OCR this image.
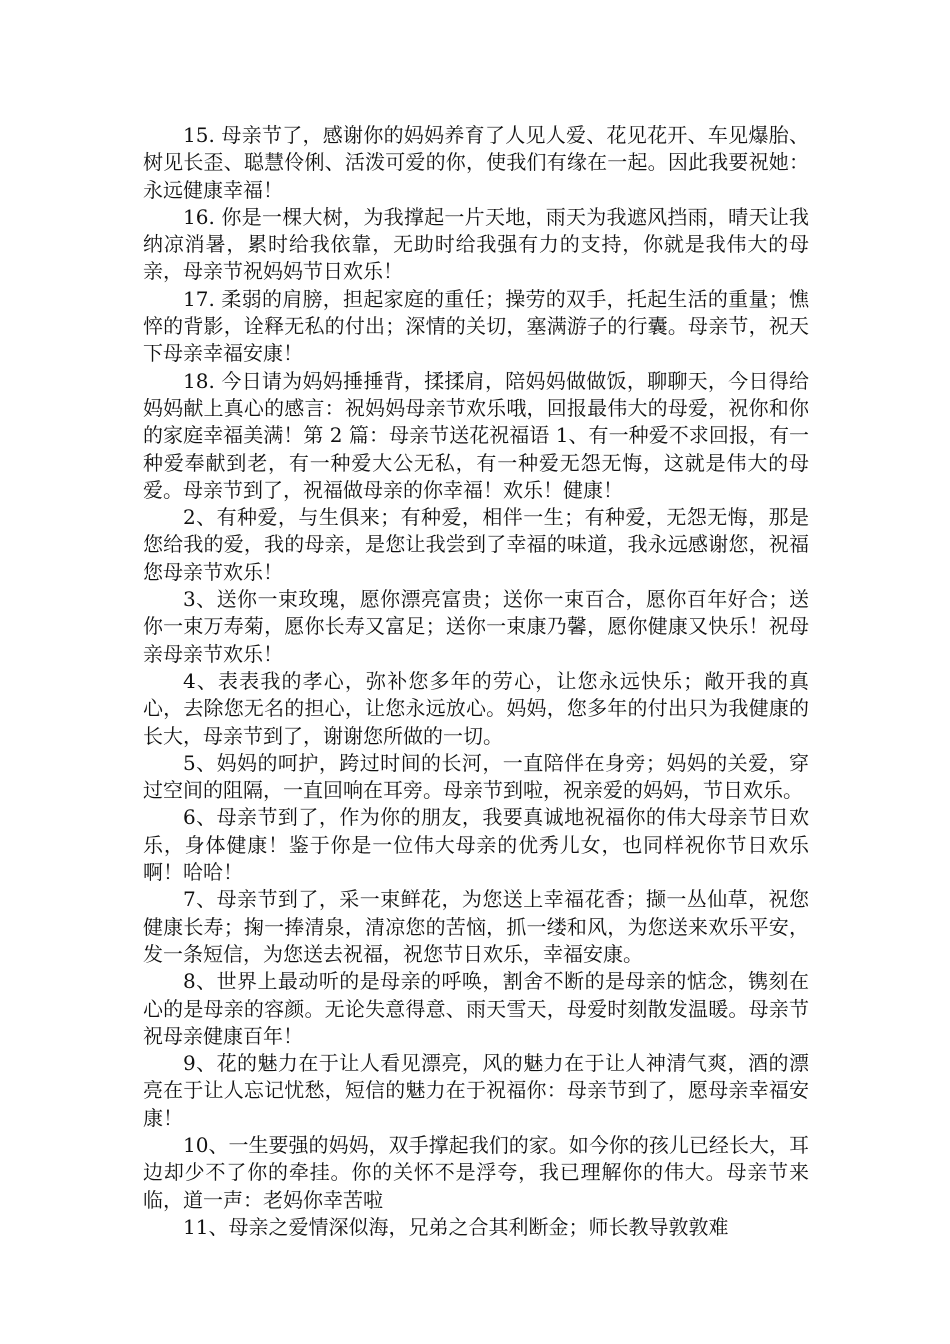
15. 母亲节了，感谢你的妈妈养育了人见人爱、花见花开、车见爆胎、树见长歪、聪慧伶俐、活泼可爱的你，使我们有缘在一起。因此我要祝她：永远健康幸福！

16. 你是一棵大树，为我撑起一片天地，雨天为我遮风挡雨，晴天让我纳凉消暑，累时给我依靠，无助时给我强有力的支持，你就是我伟大的母亲，母亲节祝妈妈节日欢乐！

17. 柔弱的肩膀，担起家庭的重任；操劳的双手，托起生活的重量；憔悴的背影，诠释无私的付出；深情的关切，塞满游子的行囊。母亲节，祝天下母亲幸福安康！

18. 今日请为妈妈捶捶背，揉揉肩，陪妈妈做做饭，聊聊天，今日得给妈妈献上真心的感言：祝妈妈母亲节欢乐哦，回报最伟大的母爱，祝你和你的家庭幸福美满！第 2 篇：母亲节送花祝福语 1、有一种爱不求回报，有一种爱奉献到老，有一种爱大公无私，有一种爱无怨无悔，这就是伟大的母爱。母亲节到了，祝福做母亲的你幸福！欢乐！健康！

2、有种爱，与生俱来；有种爱，相伴一生；有种爱，无怨无悔，那是您给我的爱，我的母亲，是您让我尝到了幸福的味道，我永远感谢您，祝福您母亲节欢乐！

3、送你一束玫瑰，愿你漂亮富贵；送你一束百合，愿你百年好合；送你一束万寿菊，愿你长寿又富足；送你一束康乃馨，愿你健康又快乐！祝母亲母亲节欢乐！

4、表表我的孝心，弥补您多年的劳心，让您永远快乐；敞开我的真心，去除您无名的担心，让您永远放心。妈妈，您多年的付出只为我健康的长大，母亲节到了，谢谢您所做的一切。

5、妈妈的呵护，跨过时间的长河，一直陪伴在身旁；妈妈的关爱，穿过空间的阻隔，一直回响在耳旁。母亲节到啦，祝亲爱的妈妈，节日欢乐。

6、母亲节到了，作为你的朋友，我要真诚地祝福你的伟大母亲节日欢乐，身体健康！鉴于你是一位伟大母亲的优秀儿女，也同样祝你节日欢乐啊！哈哈！

7、母亲节到了，采一束鲜花，为您送上幸福花香；撷一丛仙草，祝您健康长寿；掬一捧清泉，清凉您的苦恼，抓一缕和风，为您送来欢乐平安，发一条短信，为您送去祝福，祝您节日欢乐，幸福安康。

8、世界上最动听的是母亲的呼唤，割舍不断的是母亲的惦念，镌刻在心的是母亲的容颜。无论失意得意、雨天雪天，母爱时刻散发温暖。母亲节祝母亲健康百年！

9、花的魅力在于让人看见漂亮，风的魅力在于让人神清气爽，酒的漂亮在于让人忘记忧愁，短信的魅力在于祝福你：母亲节到了，愿母亲幸福安康！

10、一生要强的妈妈，双手撑起我们的家。如今你的孩儿已经长大，耳边却少不了你的牵挂。你的关怀不是浮夸，我已理解你的伟大。母亲节来临，道一声：老妈你幸苦啦

11、母亲之爱情深似海，兄弟之合其利断金；师长教导敦敦难
